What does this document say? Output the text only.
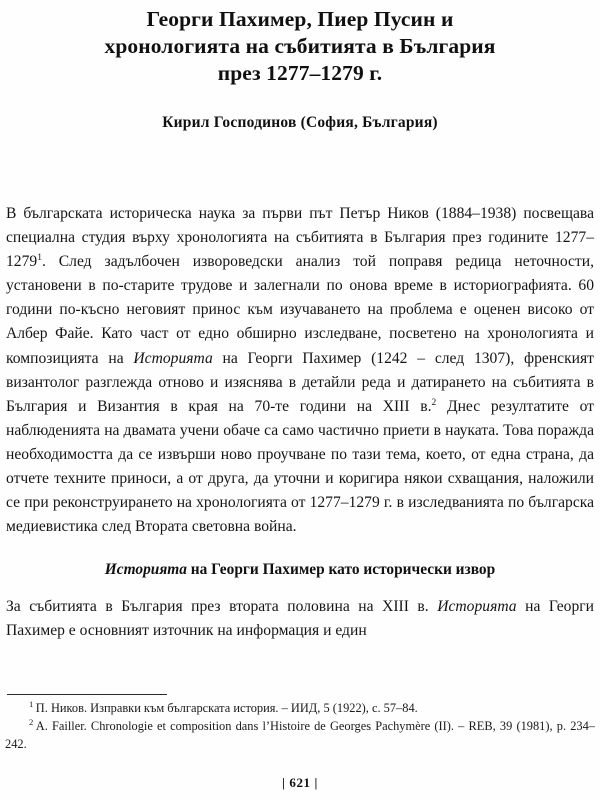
Георги Пахимер, Пиер Пусин и
хронологията на събитията в България
през 1277–1279 г.
Кирил Господинов (София, България)

В българската историческа наука за първи път Петър Ников (1884–1938) посвещава специална студия върху хронологията на събитията в България през годините 1277–1279$^1$. След задълбочен извороведски анализ той поправя редица неточности, установени в по-старите трудове и залегнали по онова време в историографията. 60 години по-късно неговият принос към изучаването на проблема е оценен високо от Албер Файе. Като част от едно обширно изследване, посветено на хронологията и композицията на Историята на Георги Пахимер (1242 – след 1307), френският византолог разглежда отново и изяснява в детайли реда и датирането на събитията в България и Византия в края на 70-те години на XIII в.$^2$ Днес резултатите от наблюденията на двамата учени обаче са само частично приети в науката. Това поражда необходимостта да се извърши ново проучване по тази тема, което, от една страна, да отчете техните приноси, а от друга, да уточни и коригира някои схващания, наложили се при реконструирането на хронологията от 1277–1279 г. в изследванията по българска медиевистика след Втората световна война.

Историята на Георги Пахимер като исторически извор

За събитията в България през втората половина на XIII в. Историята на Георги Пахимер е основният източник на информация и един

$^1$ П. Ников. Изправки към българската история. – ИИД, 5 (1922), с. 57–84.
$^2$ A. Failler. Chronologie et composition dans l’Histoire de Georges Pachymère (II). – REB, 39 (1981), p. 234–242.
| 621 |
